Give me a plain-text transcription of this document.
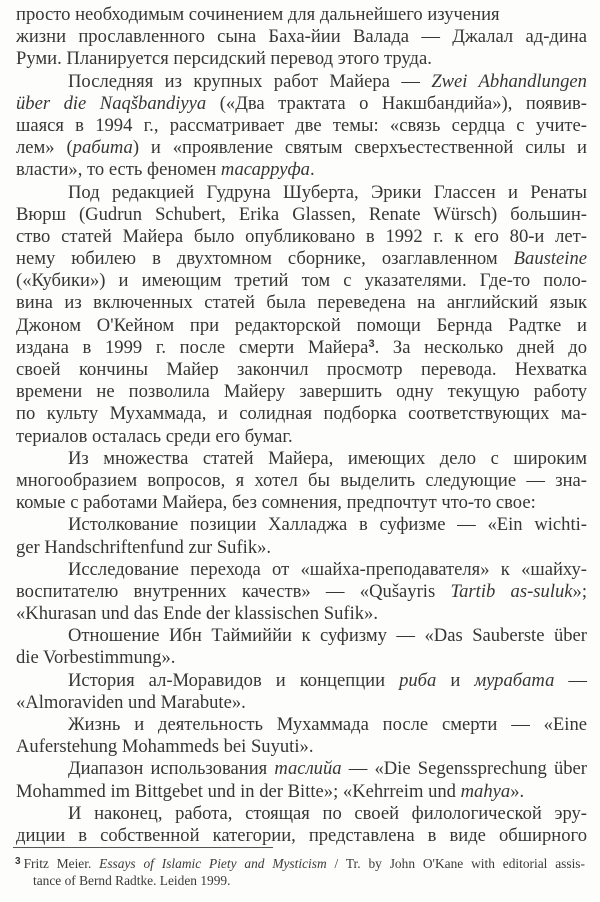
просто необходимым сочинением для дальнейшего изучения
жизни прославленного сына Баха-йии Валада — Джалал ад-дина
Руми. Планируется персидский перевод этого труда.
Последняя из крупных работ Майера — Zwei Abhandlungen
über die Naqšbandiyya («Два трактата о Накшбандийа»), появив-
шаяся в 1994 г., рассматривает две темы: «связь сердца с учите-
лем» (рабита) и «проявление святым сверхъестественной силы и
власти», то есть феномен тасарруфа.
Под редакцией Гудруна Шуберта, Эрики Глассен и Ренаты
Вюрш (Gudrun Schubert, Erika Glassen, Renate Würsch) большин-
ство статей Майера было опубликовано в 1992 г. к его 80-и лет-
нему юбилею в двухтомном сборнике, озаглавленном Bausteine
(«Кубики») и имеющим третий том с указателями. Где-то поло-
вина из включенных статей была переведена на английский язык
Джоном О'Кейном при редакторской помощи Бернда Радтке и
издана в 1999 г. после смерти Майера$^3$. За несколько дней до
своей кончины Майер закончил просмотр перевода. Нехватка
времени не позволила Майеру завершить одну текущую работу
по культу Мухаммада, и солидная подборка соответствующих ма-
териалов осталась среди его бумаг.
Из множества статей Майера, имеющих дело с широким
многообразием вопросов, я хотел бы выделить следующие — зна-
комые с работами Майера, без сомнения, предпочтут что-то свое:
Истолкование позиции Халладжа в суфизме — «Ein wichti-
ger Handschriftenfund zur Sufik».
Исследование перехода от «шайха-преподавателя» к «шайху-
воспитателю внутренних качеств» — «Qušayris Tartib as-suluk»;
«Khurasan und das Ende der klassischen Sufik».
Отношение Ибн Таймиййи к суфизму — «Das Sauberste über
die Vorbestimmung».
История ал-Моравидов и концепции риба и мурабата —
«Almoraviden und Marabute».
Жизнь и деятельность Мухаммада после смерти — «Eine
Auferstehung Mohammeds bei Suyuti».
Диапазон использования таслийа — «Die Segenssprechung über
Mohammed im Bittgebet und in der Bitte»; «Kehrreim und mahya».
И наконец, работа, стоящая по своей филологической эру-
диции в собственной категории, представлена в виде обширного
$^3$ Fritz Meier. Essays of Islamic Piety and Mysticism / Tr. by John O'Kane with editorial assis-
tance of Bernd Radtke. Leiden 1999.
